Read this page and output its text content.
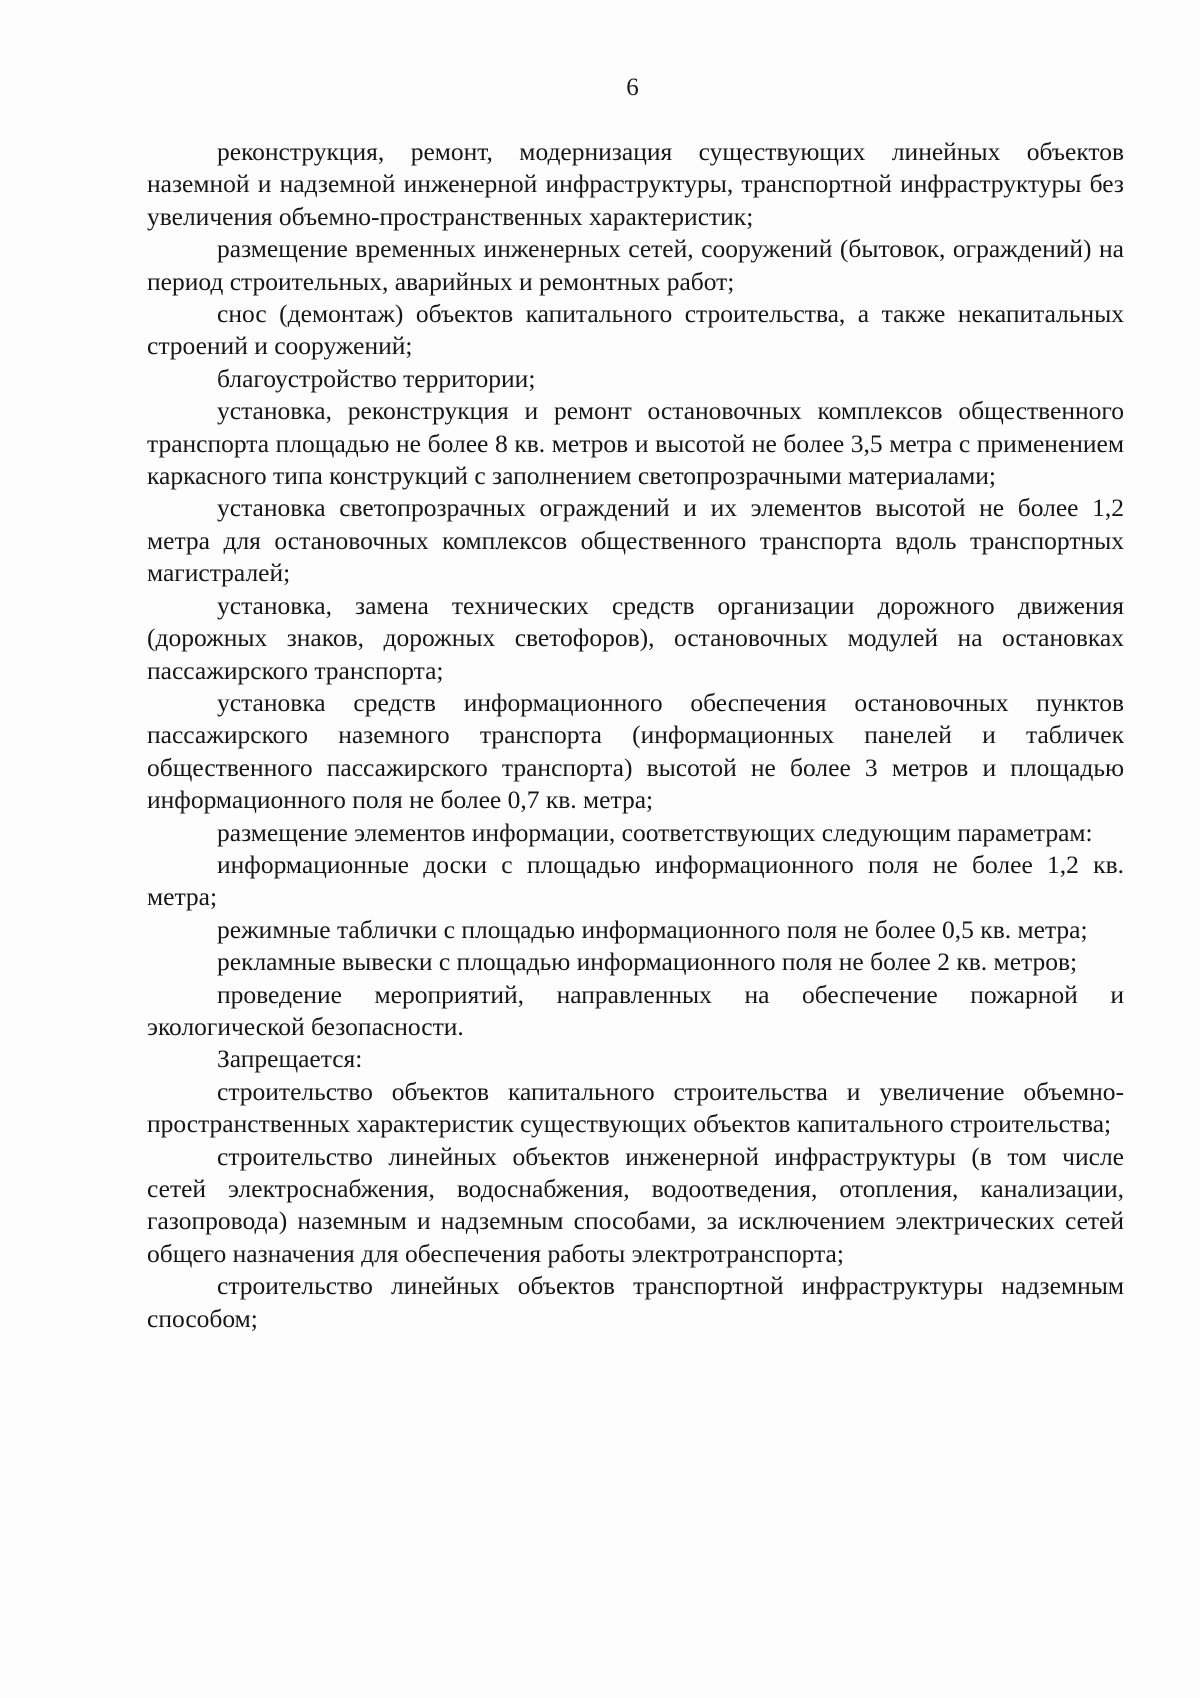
6

реконструкция, ремонт, модернизация существующих линейных объектов наземной и надземной инженерной инфраструктуры, транспортной инфраструктуры без увеличения объемно-пространственных характеристик;

размещение временных инженерных сетей, сооружений (бытовок, ограждений) на период строительных, аварийных и ремонтных работ;

снос (демонтаж) объектов капитального строительства, а также некапитальных строений и сооружений;

благоустройство территории;

установка, реконструкция и ремонт остановочных комплексов общественного транспорта площадью не более 8 кв. метров и высотой не более 3,5 метра с применением каркасного типа конструкций с заполнением светопрозрачными материалами;

установка светопрозрачных ограждений и их элементов высотой не более 1,2 метра для остановочных комплексов общественного транспорта вдоль транспортных магистралей;

установка, замена технических средств организации дорожного движения (дорожных знаков, дорожных светофоров), остановочных модулей на остановках пассажирского транспорта;

установка средств информационного обеспечения остановочных пунктов пассажирского наземного транспорта (информационных панелей и табличек общественного пассажирского транспорта) высотой не более 3 метров и площадью информационного поля не более 0,7 кв. метра;

размещение элементов информации, соответствующих следующим параметрам:

информационные доски с площадью информационного поля не более 1,2 кв. метра;

режимные таблички с площадью информационного поля не более 0,5 кв. метра;

рекламные вывески с площадью информационного поля не более 2 кв. метров;

проведение мероприятий, направленных на обеспечение пожарной и экологической безопасности.

Запрещается:

строительство объектов капитального строительства и увеличение объемно-пространственных характеристик существующих объектов капитального строительства;

строительство линейных объектов инженерной инфраструктуры (в том числе сетей электроснабжения, водоснабжения, водоотведения, отопления, канализации, газопровода) наземным и надземным способами, за исключением электрических сетей общего назначения для обеспечения работы электротранспорта;

строительство линейных объектов транспортной инфраструктуры надземным способом;
